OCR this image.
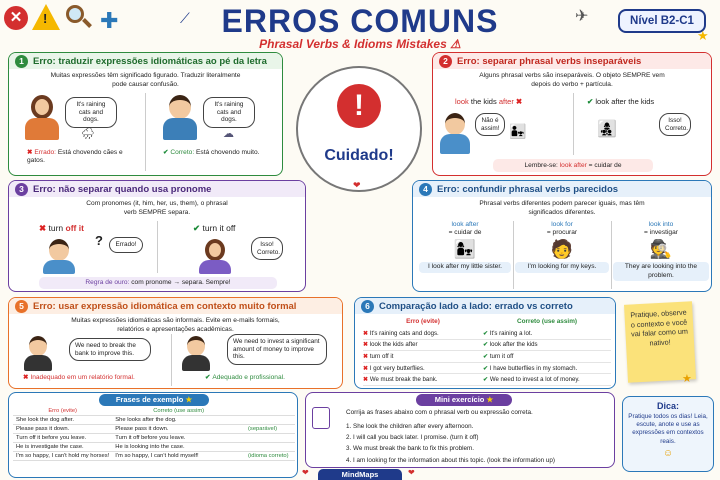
✕	! ✚	ERROS COMUNS
Phrasal Verbs & Idioms Mistakes ⚠
⟋	✈	Nível B2-C1
★
1 Erro: traduzir expressões idiomáticas ao pé da letra
Muitas expressões têm significado figurado. Traduzir literalmente pode causar confusão.
It's raining cats and dogs.
🌧
✖ Errado: Está chovendo cães e gatos.
It's raining cats and dogs.
☁
✔ Correto: Está chovendo muito.
!
Cuidado!
❤
2 Erro: separar phrasal verbs inseparáveis
Alguns phrasal verbs são inseparáveis. O objeto SEMPRE vem depois do verbo + partícula.
look the kids after ✖
Não é assim! 👨‍👧
✔ look after the kids
👩‍👧‍👦
Isso! Correto.
Lembre-se: look after = cuidar de
3 Erro: não separar quando usa pronome
Com pronomes (it, him, her, us, them), o phrasal verb SEMPRE separa.
✖ turn off it
?	Errado!
✔ turn it off
Isso! Correto.
Regra de ouro: com pronome → separa. Sempre!
4 Erro: confundir phrasal verbs parecidos
Phrasal verbs diferentes podem parecer iguais, mas têm significados diferentes.
look after
= cuidar de
👩‍👧
I look after my little sister.
look for
= procurar
🧑
I'm looking for my keys.
look into
= investigar
🕵
They are looking into the problem.
5 Erro: usar expressão idiomática em contexto muito formal
Muitas expressões idiomáticas são informais. Evite em e-mails formais, relatórios e apresentações acadêmicas.
We need to break the bank to improve this.
✖ Inadequado em um relatório formal.
We need to invest a significant amount of money to improve this.
✔ Adequado e profissional.
6 Comparação lado a lado: errado vs correto
Erro (evite)	Correto (use assim)
✖ It's raining cats and dogs.	✔ It's raining a lot.
✖ look the kids after	✔ look after the kids
✖ turn off it	✔ turn it off
✖ I got very butterflies.	✔ I have butterflies in my stomach.
✖ We must break the bank.	✔ We need to invest a lot of money.
Pratique, observe o contexto e você vai falar como um nativo!
★
Frases de exemplo ★
Erro (evite)	Correto (use assim)	
She look the dog after.	She looks after the dog.	
Please pass it down.	Please pass it down.	(separável)
Turn off it before you leave.	Turn it off before you leave.	
He is investigate the case.	He is looking into the case.	
I'm so happy, I can't hold my horses!	I'm so happy, I can't hold myself!	(idioma correto)
Mini exercício ★
Corrija as frases abaixo com o phrasal verb ou expressão correta.
1. She look the children after every afternoon.
2. I will call you back later. I promise. (turn it off)
3. We must break the bank to fix this problem.
4. I am looking for the information about this topic. (look the information up)
Dica:
Pratique todos os dias! Leia, escute, anote e use as expressões em contextos reais.
☺
MindMaps
❤	❤
